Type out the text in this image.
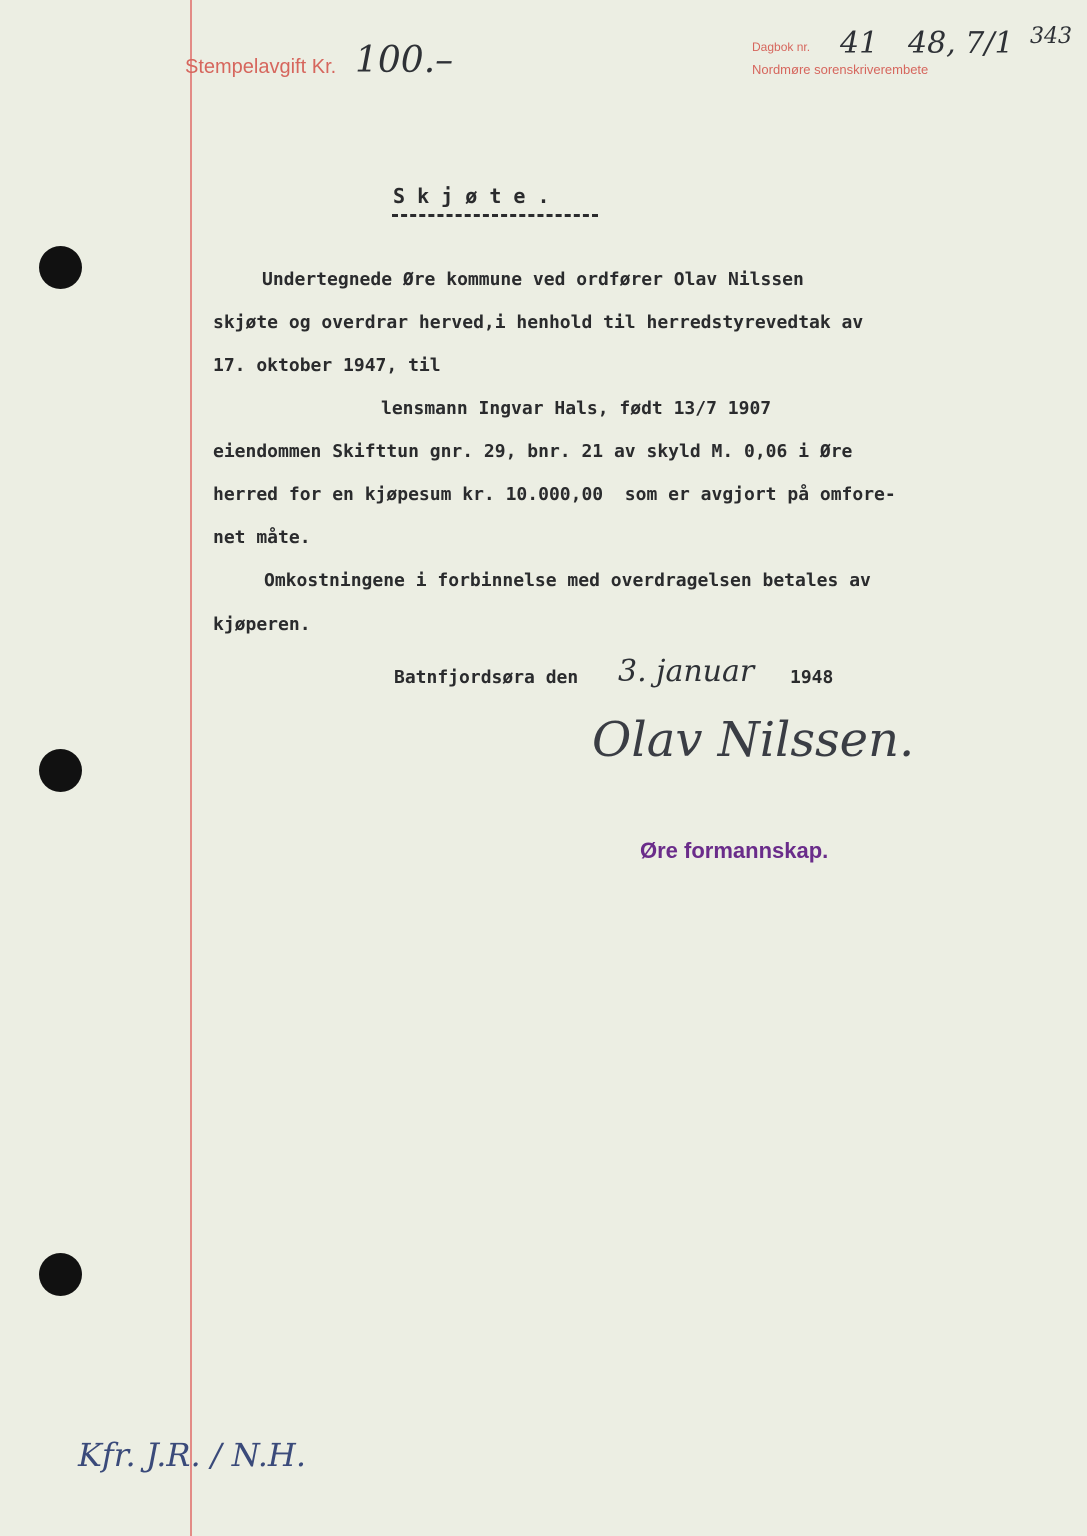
Stempelavgift Kr. 100.–	Dagbok nr. 41 48, 7/1 343
Nordmøre sorenskriverembete
S k j ø t e .
Undertegnede Øre kommune ved ordfører Olav Nilssen
skjøte og overdrar herved,i henhold til herredstyrevedtak av
17. oktober 1947, til
lensmann Ingvar Hals, født 13/7 1907
eiendommen Skifttun gnr. 29, bnr. 21 av skyld M. 0,06 i Øre
herred for en kjøpesum kr. 10.000,00  som er avgjort på omfore-
net måte.
Omkostningene i forbinnelse med overdragelsen betales av
kjøperen.
Batnfjordsøra den 3. januar 1948
Olav Nilssen.
Øre formannskap.
Kfr. J.R. / N.H.
